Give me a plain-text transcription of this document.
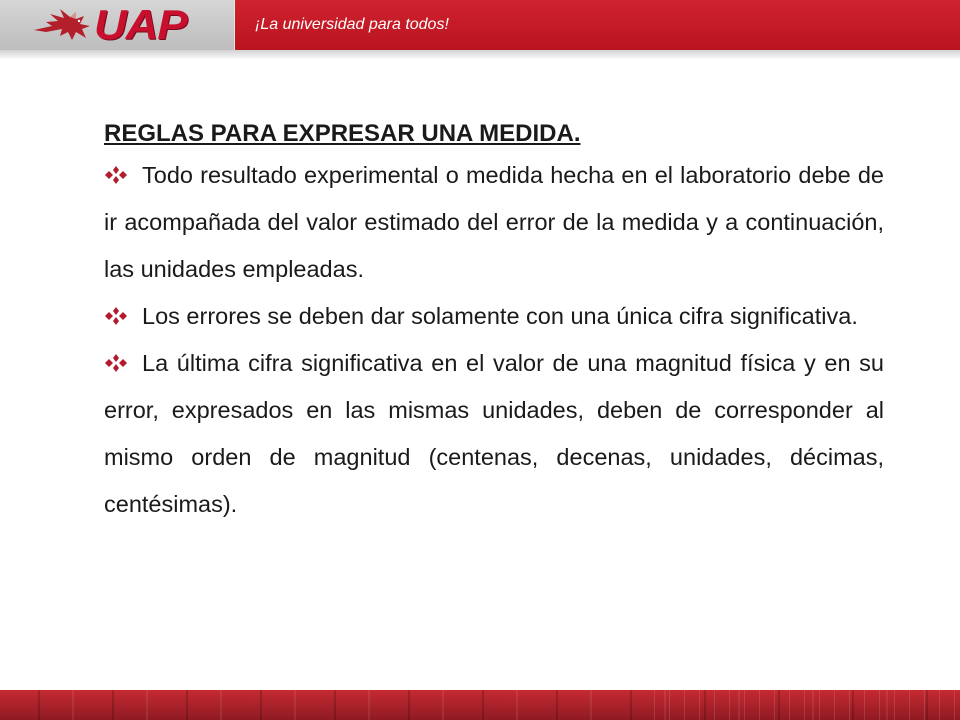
UAP	¡La universidad para todos!
REGLAS PARA EXPRESAR UNA MEDIDA.

Todo resultado experimental o medida hecha en el laboratorio debe de ir acompañada del valor estimado del error de la medida y a continuación, las unidades empleadas.

Los errores se deben dar solamente con una única cifra significativa.

La última cifra significativa en el valor de una magnitud física y en su error, expresados en las mismas unidades, deben de corresponder al mismo orden de magnitud (centenas, decenas, unidades, décimas, centésimas).
